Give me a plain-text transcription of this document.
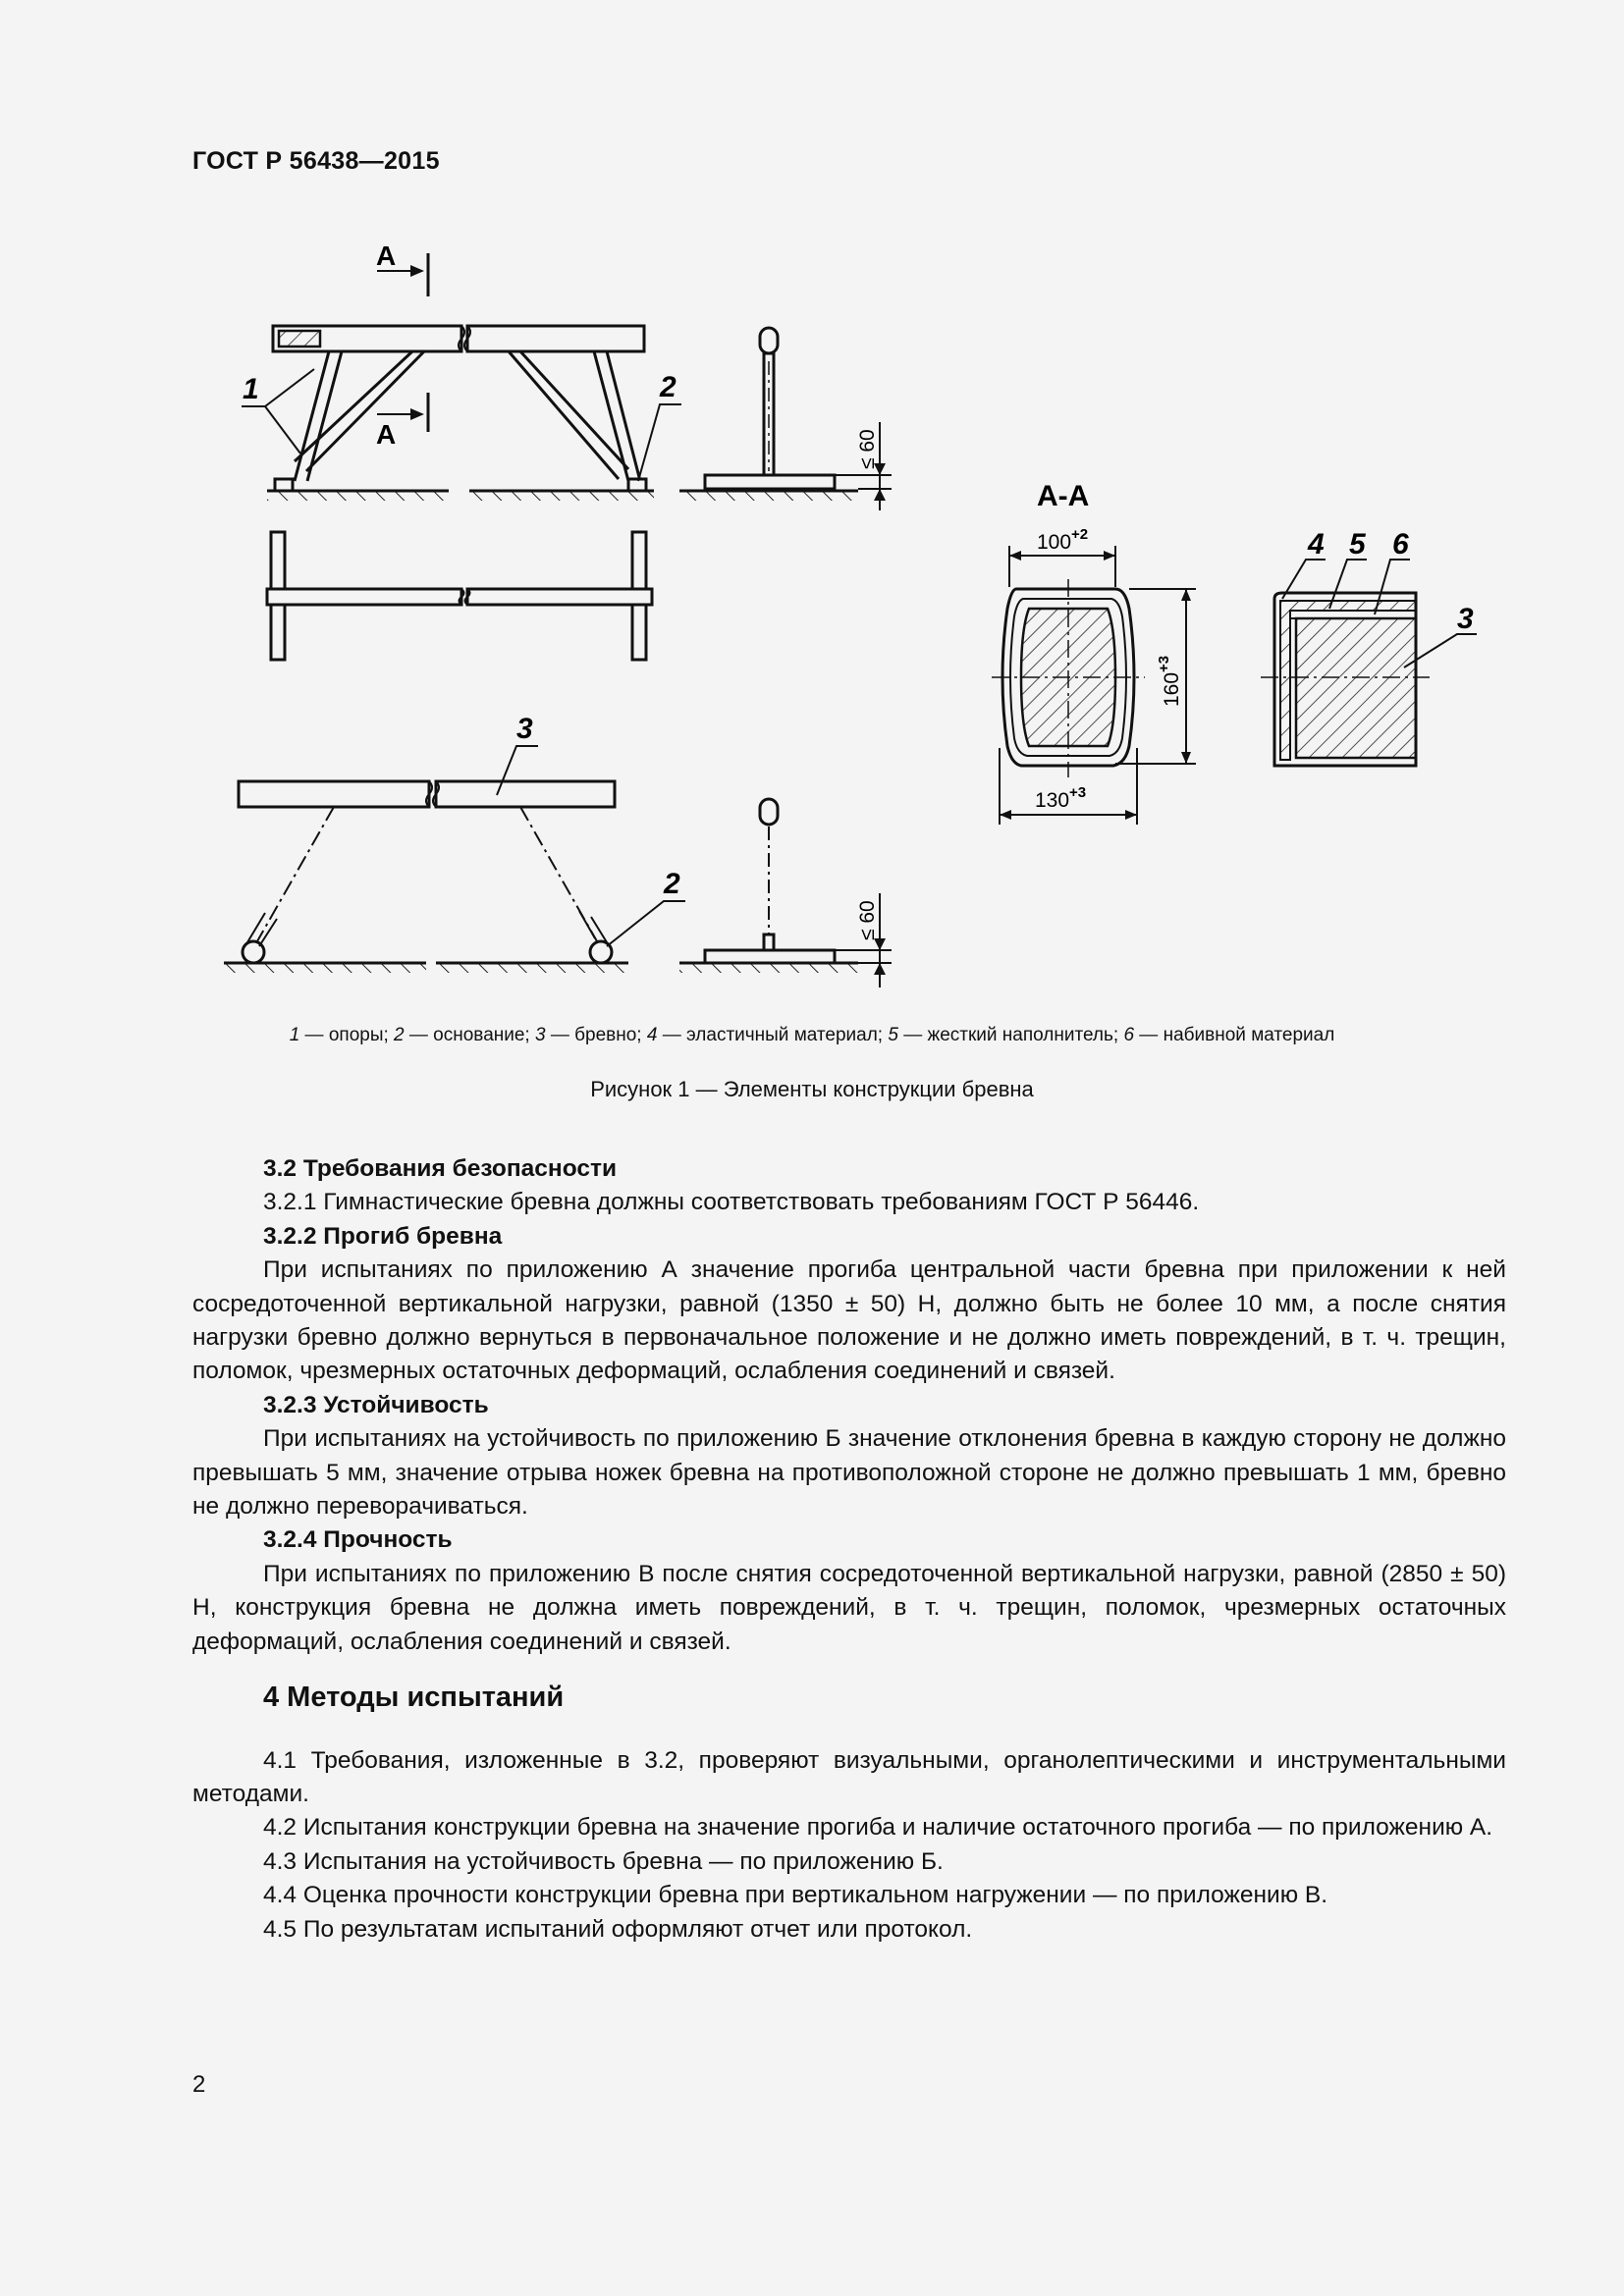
ГОСТ Р 56438—2015
А
А
1	2
≤ 60
3
2
≤ 60
А-А
$100^{+2}$
$160^{+3}$
$130^{+3}$
4 5 6
3
1 — опоры; 2 — основание; 3 — бревно; 4 — эластичный материал; 5 — жесткий наполнитель; 6 — набивной материал
Рисунок 1 — Элементы конструкции бревна

3.2 Требования безопасности

3.2.1 Гимнастические бревна должны соответствовать требованиям ГОСТ Р 56446.

3.2.2 Прогиб бревна

При испытаниях по приложению А значение прогиба центральной части бревна при приложении к ней сосредоточенной вертикальной нагрузки, равной (1350 ± 50) Н, должно быть не более 10 мм, а после снятия нагрузки бревно должно вернуться в первоначальное положение и не должно иметь повреждений, в т. ч. трещин, поломок, чрезмерных остаточных деформаций, ослабления соединений и связей.

3.2.3 Устойчивость

При испытаниях на устойчивость по приложению Б значение отклонения бревна в каждую сторону не должно превышать 5 мм, значение отрыва ножек бревна на противоположной стороне не должно превышать 1 мм, бревно не должно переворачиваться.

3.2.4 Прочность

При испытаниях по приложению В после снятия сосредоточенной вертикальной нагрузки, равной (2850 ± 50) Н, конструкция бревна не должна иметь повреждений, в т. ч. трещин, поломок, чрезмерных остаточных деформаций, ослабления соединений и связей.

4 Методы испытаний

4.1 Требования, изложенные в 3.2, проверяют визуальными, органолептическими и инструментальными методами.

4.2 Испытания конструкции бревна на значение прогиба и наличие остаточного прогиба — по приложению А.

4.3 Испытания на устойчивость бревна — по приложению Б.

4.4 Оценка прочности конструкции бревна при вертикальном нагружении — по приложению В.

4.5 По результатам испытаний оформляют отчет или протокол.

2
